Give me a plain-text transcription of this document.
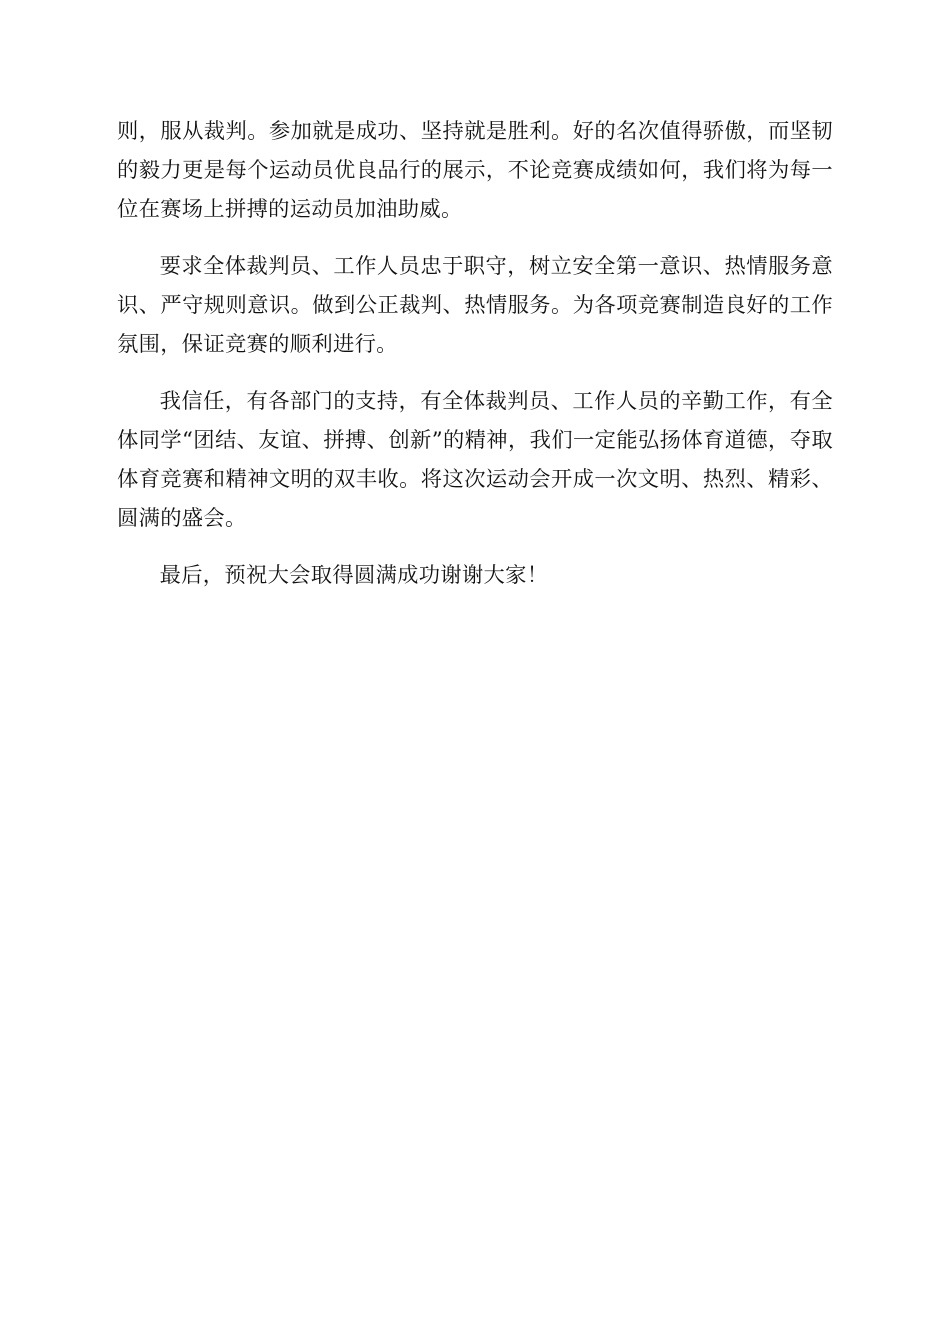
则，服从裁判。参加就是成功、坚持就是胜利。好的名次值得骄傲，而坚韧的毅力更是每个运动员优良品行的展示，不论竞赛成绩如何，我们将为每一位在赛场上拼搏的运动员加油助威。

要求全体裁判员、工作人员忠于职守，树立安全第一意识、热情服务意识、严守规则意识。做到公正裁判、热情服务。为各项竞赛制造良好的工作氛围，保证竞赛的顺利进行。

我信任，有各部门的支持，有全体裁判员、工作人员的辛勤工作，有全体同学“团结、友谊、拼搏、创新”的精神，我们一定能弘扬体育道德，夺取体育竞赛和精神文明的双丰收。将这次运动会开成一次文明、热烈、精彩、圆满的盛会。

最后，预祝大会取得圆满成功谢谢大家！
